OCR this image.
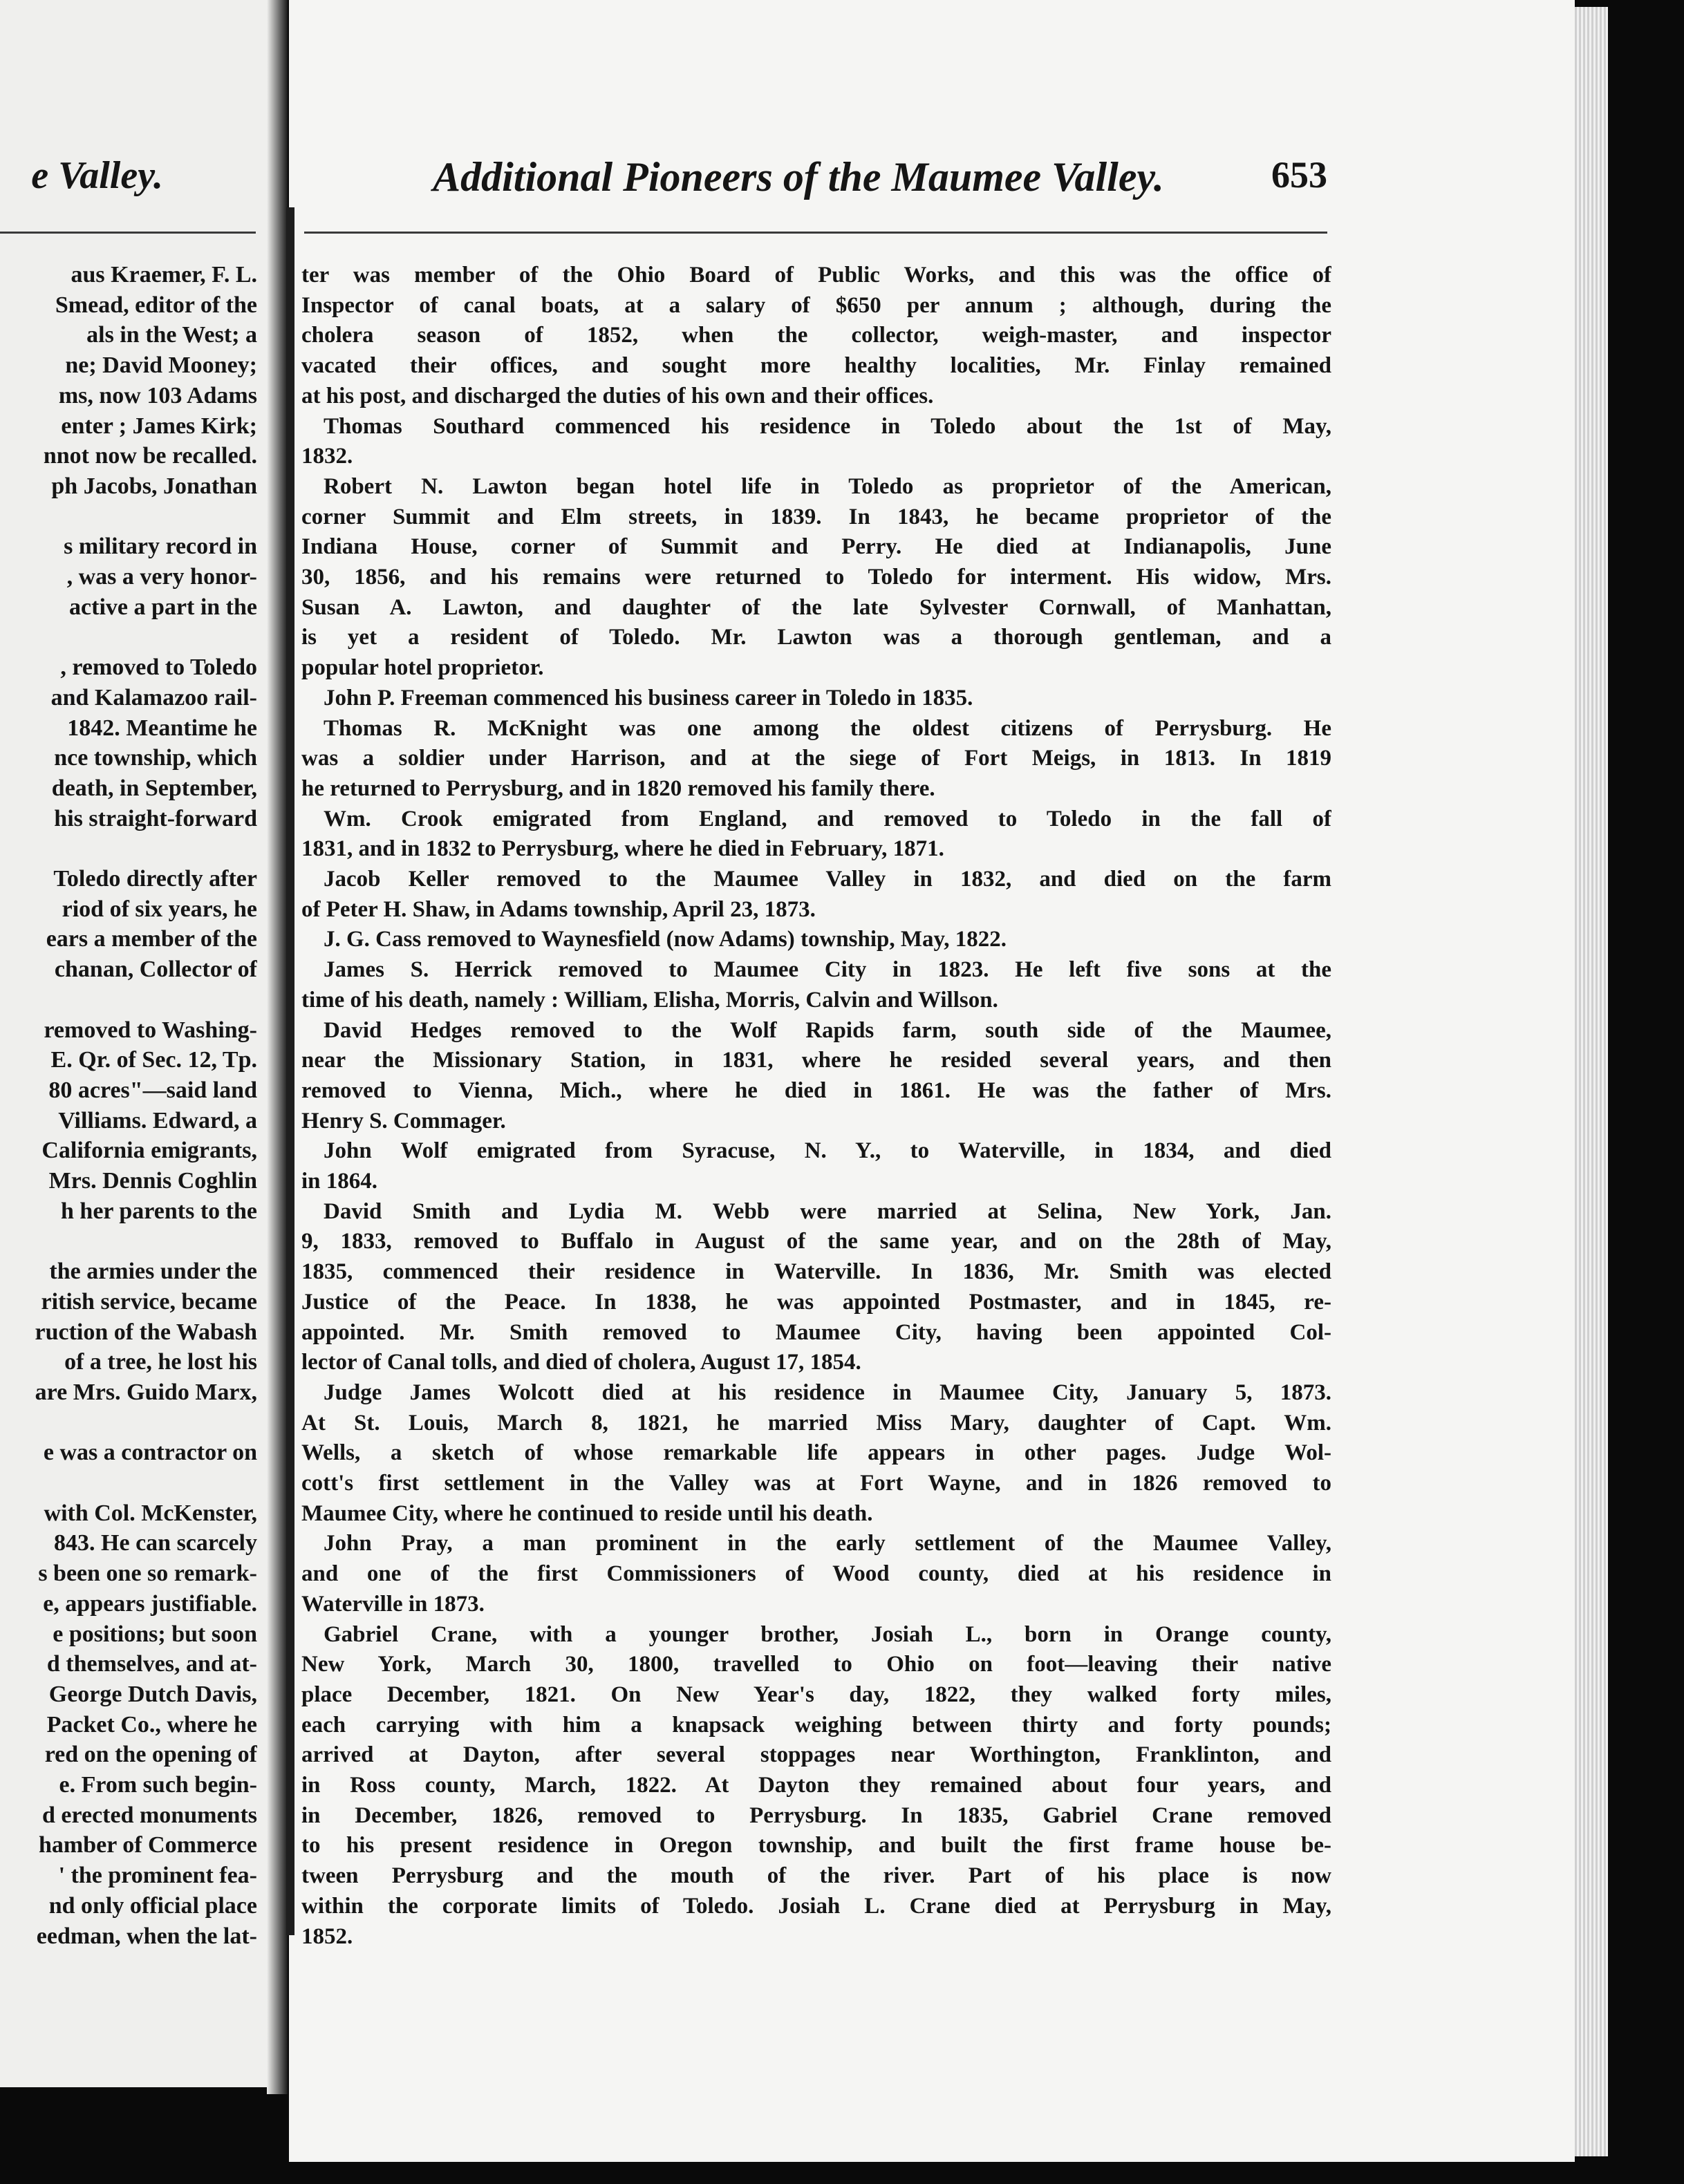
e Valley.
aus Kraemer, F. L.
Smead, editor of the
als in the West; a
ne; David Mooney;
ms, now 103 Adams
enter ; James Kirk;
nnot now be recalled.
ph Jacobs, Jonathan
s military record in
, was a very honor-
active a part in the
, removed to Toledo
and Kalamazoo rail-
1842. Meantime he
nce township, which
death, in September,
his straight-forward
Toledo directly after
riod of six years, he
ears a member of the
chanan, Collector of
removed to Washing-
E. Qr. of Sec. 12, Tp.
80 acres"—said land
Villiams. Edward, a
California emigrants,
Mrs. Dennis Coghlin
h her parents to the
the armies under the
ritish service, became
ruction of the Wabash
of a tree, he lost his
are Mrs. Guido Marx,
e was a contractor on
with Col. McKenster,
843. He can scarcely
s been one so remark-
e, appears justifiable.
e positions; but soon
d themselves, and at-
George Dutch Davis,
Packet Co., where he
red on the opening of
e. From such begin-
d erected monuments
hamber of Commerce
' the prominent fea-
nd only official place
eedman, when the lat-
Additional Pioneers of the Maumee Valley.	653
ter was member of the Ohio Board of Public Works, and this was the office of
Inspector of canal boats, at a salary of $650 per annum ; although, during the
cholera season of 1852, when the collector, weigh-master, and inspector
vacated their offices, and sought more healthy localities, Mr. Finlay remained
at his post, and discharged the duties of his own and their offices.
Thomas Southard commenced his residence in Toledo about the 1st of May,
1832.
Robert N. Lawton began hotel life in Toledo as proprietor of the American,
corner Summit and Elm streets, in 1839. In 1843, he became proprietor of the
Indiana House, corner of Summit and Perry. He died at Indianapolis, June
30, 1856, and his remains were returned to Toledo for interment. His widow, Mrs.
Susan A. Lawton, and daughter of the late Sylvester Cornwall, of Manhattan,
is yet a resident of Toledo. Mr. Lawton was a thorough gentleman, and a
popular hotel proprietor.
John P. Freeman commenced his business career in Toledo in 1835.
Thomas R. McKnight was one among the oldest citizens of Perrysburg. He
was a soldier under Harrison, and at the siege of Fort Meigs, in 1813. In 1819
he returned to Perrysburg, and in 1820 removed his family there.
Wm. Crook emigrated from England, and removed to Toledo in the fall of
1831, and in 1832 to Perrysburg, where he died in February, 1871.
Jacob Keller removed to the Maumee Valley in 1832, and died on the farm
of Peter H. Shaw, in Adams township, April 23, 1873.
J. G. Cass removed to Waynesfield (now Adams) township, May, 1822.
James S. Herrick removed to Maumee City in 1823. He left five sons at the
time of his death, namely : William, Elisha, Morris, Calvin and Willson.
David Hedges removed to the Wolf Rapids farm, south side of the Maumee,
near the Missionary Station, in 1831, where he resided several years, and then
removed to Vienna, Mich., where he died in 1861. He was the father of Mrs.
Henry S. Commager.
John Wolf emigrated from Syracuse, N. Y., to Waterville, in 1834, and died
in 1864.
David Smith and Lydia M. Webb were married at Selina, New York, Jan.
9, 1833, removed to Buffalo in August of the same year, and on the 28th of May,
1835, commenced their residence in Waterville. In 1836, Mr. Smith was elected
Justice of the Peace. In 1838, he was appointed Postmaster, and in 1845, re-
appointed. Mr. Smith removed to Maumee City, having been appointed Col-
lector of Canal tolls, and died of cholera, August 17, 1854.
Judge James Wolcott died at his residence in Maumee City, January 5, 1873.
At St. Louis, March 8, 1821, he married Miss Mary, daughter of Capt. Wm.
Wells, a sketch of whose remarkable life appears in other pages. Judge Wol-
cott's first settlement in the Valley was at Fort Wayne, and in 1826 removed to
Maumee City, where he continued to reside until his death.
John Pray, a man prominent in the early settlement of the Maumee Valley,
and one of the first Commissioners of Wood county, died at his residence in
Waterville in 1873.
Gabriel Crane, with a younger brother, Josiah L., born in Orange county,
New York, March 30, 1800, travelled to Ohio on foot—leaving their native
place December, 1821. On New Year's day, 1822, they walked forty miles,
each carrying with him a knapsack weighing between thirty and forty pounds;
arrived at Dayton, after several stoppages near Worthington, Franklinton, and
in Ross county, March, 1822. At Dayton they remained about four years, and
in December, 1826, removed to Perrysburg. In 1835, Gabriel Crane removed
to his present residence in Oregon township, and built the first frame house be-
tween Perrysburg and the mouth of the river. Part of his place is now
within the corporate limits of Toledo. Josiah L. Crane died at Perrysburg in May,
1852.
